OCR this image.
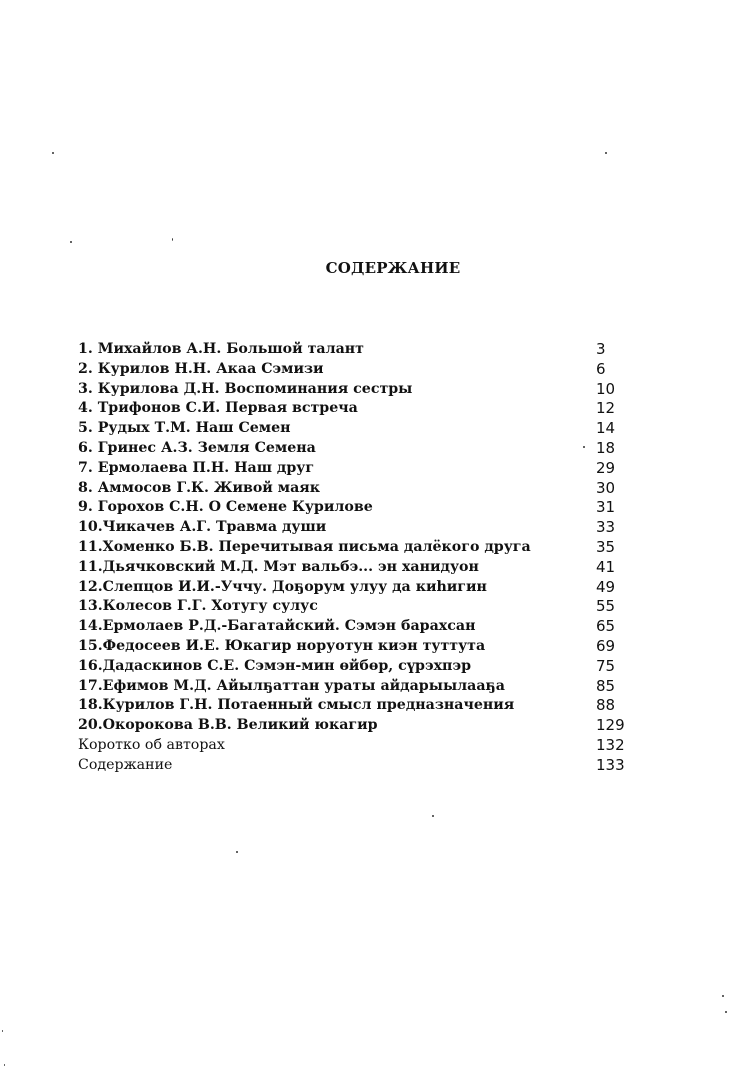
СОДЕРЖАНИЕ
1. Михайлов А.Н. Большой талант	3
2. Курилов Н.Н. Акаа Сэмизи	6
3. Курилова Д.Н. Воспоминания сестры	10
4. Трифонов С.И. Первая встреча	12
5. Рудых Т.М. Наш Семен	14
6. Гринес А.З. Земля Семена	18
7. Ермолаева П.Н. Наш друг	29
8. Аммосов Г.К. Живой маяк	30
9. Горохов С.Н. О Семене Курилове	31
10.Чикачев А.Г. Травма души	33
11.Хоменко Б.В. Перечитывая письма далёкого друга	35
11.Дьячковский М.Д. Мэт вальбэ... эн ханидуон	41
12.Слепцов И.И.-Уччу. Доҕорум улуу да киһигин	49
13.Колесов Г.Г. Хотугу сулус	55
14.Ермолаев Р.Д.-Багатайский. Сэмэн барахсан	65
15.Федосеев И.Е. Юкагир норуотун киэн туттута	69
16.Дадаскинов С.Е. Сэмэн-мин өйбөр, сүрэхпэр	75
17.Ефимов М.Д. Айылҕаттан ураты айдарыылааҕа	85
18.Курилов Г.Н. Потаенный смысл предназначения	88
20.Окорокова В.В. Великий юкагир	129
Коротко об авторах	132
Содержание	133
